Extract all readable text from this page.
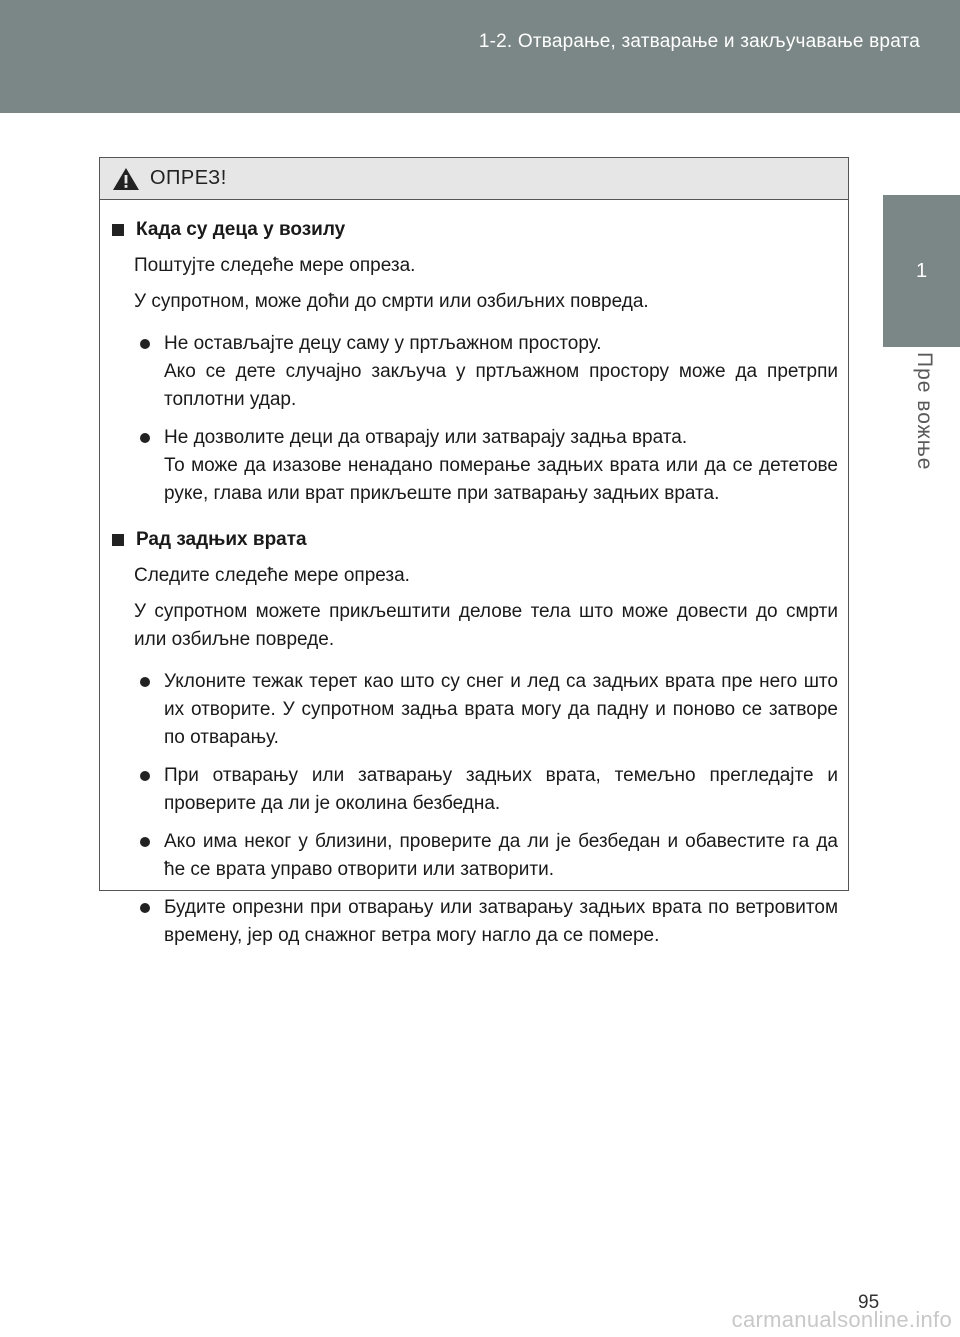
1-2. Отварање, затварање и закључавање врата
1
Пре вожње
ОПРЕЗ!
Када су деца у возилу
Поштујте следеће мере опреза.
У супротном, може доћи до смрти или озбиљних повреда.
Не остављајте децу саму у пртљажном простору.
Ако се дете случајно закључа у пртљажном простору може да претрпи топлотни удар.
Не дозволите деци да отварају или затварају задња врата.
То може да изазове ненадано померање задњих врата или да се дететове руке, глава или врат прикљеште при затварању задњих врата.
Рад задњих врата
Следите следеће мере опреза.
У супротном можете прикљештити делове тела што може довести до смрти или озбиљне повреде.
Уклоните тежак терет као што су снег и лед са задњих врата пре него што их отворите. У супротном задња врата могу да падну и поново се затворе по отварању.
При отварању или затварању задњих врата, темељно прегледајте и проверите да ли је околина безбедна.
Ако има неког у близини, проверите да ли је безбедан и обавестите га да ће се врата управо отворити или затворити.
Будите опрезни при отварању или затварању задњих врата по ветровитом времену, јер од снажног ветра могу нагло да се помере.
95
carmanualsonline.info
